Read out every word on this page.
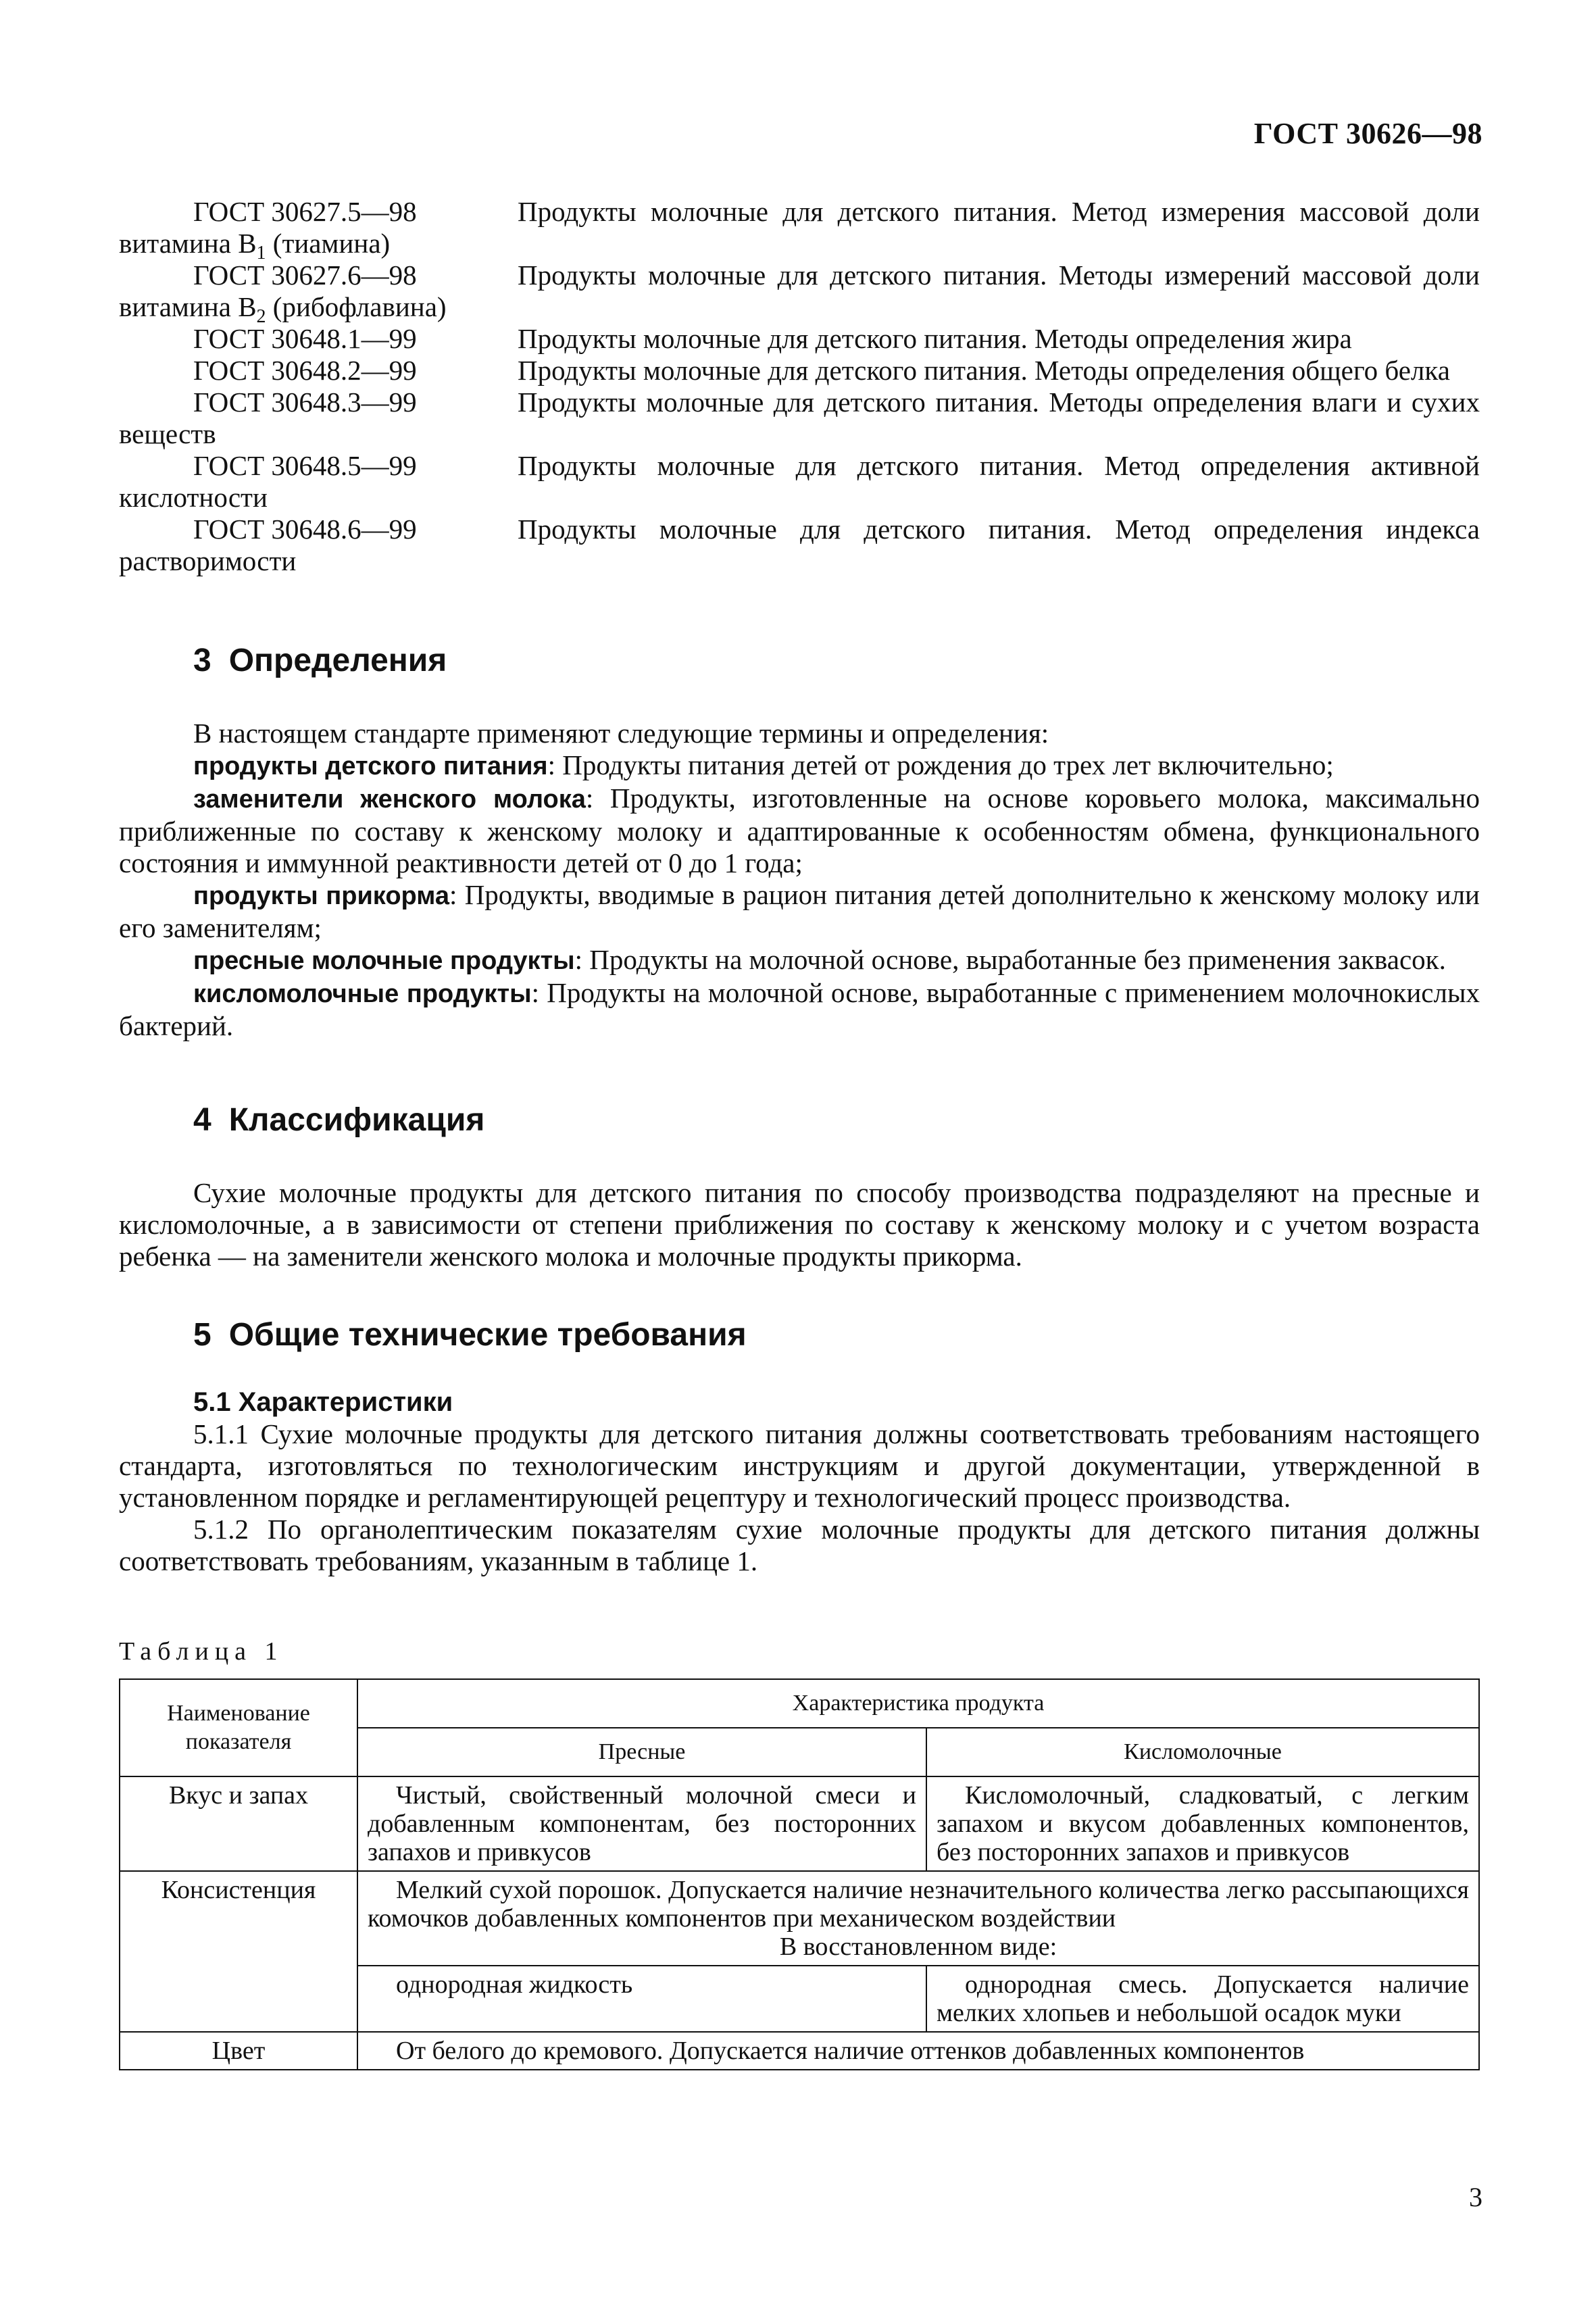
ГОСТ 30626—98

ГОСТ 30627.5—98	Продукты молочные для детского питания. Метод измерения массовой доли витамина $B_1$ (тиамина)

ГОСТ 30627.6—98	Продукты молочные для детского питания. Методы измерений массовой доли витамина $B_2$ (рибофлавина)

ГОСТ 30648.1—99	Продукты молочные для детского питания. Методы определения жира

ГОСТ 30648.2—99	Продукты молочные для детского питания. Методы определения общего белка

ГОСТ 30648.3—99	Продукты молочные для детского питания. Методы определения влаги и сухих веществ

ГОСТ 30648.5—99	Продукты молочные для детского питания. Метод определения активной кислотности

ГОСТ 30648.6—99	Продукты молочные для детского питания. Метод определения индекса растворимости

3 Определения

В настоящем стандарте применяют следующие термины и определения:

продукты детского питания: Продукты питания детей от рождения до трех лет включительно;

заменители женского молока: Продукты, изготовленные на основе коровьего молока, максимально приближенные по составу к женскому молоку и адаптированные к особенностям обмена, функционального состояния и иммунной реактивности детей от 0 до 1 года;

продукты прикорма: Продукты, вводимые в рацион питания детей дополнительно к женскому молоку или его заменителям;

пресные молочные продукты: Продукты на молочной основе, выработанные без применения заквасок.

кисломолочные продукты: Продукты на молочной основе, выработанные с применением молочнокислых бактерий.

4 Классификация

Сухие молочные продукты для детского питания по способу производства подразделяют на пресные и кисломолочные, а в зависимости от степени приближения по составу к женскому молоку и с учетом возраста ребенка — на заменители женского молока и молочные продукты прикорма.

5 Общие технические требования

5.1 Характеристики

5.1.1 Сухие молочные продукты для детского питания должны соответствовать требованиям настоящего стандарта, изготовляться по технологическим инструкциям и другой документации, утвержденной в установленном порядке и регламентирующей рецептуру и технологический процесс производства.

5.1.2 По органолептическим показателям сухие молочные продукты для детского питания должны соответствовать требованиям, указанным в таблице 1.

Таблица 1
Наименование показателя	Характеристика продукта	
	Пресные	Кисломолочные
Вкус и запах	Чистый, свойственный молочной смеси и добавленным компонентам, без посторонних запахов и привкусов	Кисломолочный, сладковатый, с легким запахом и вкусом добавленных компонентов, без посторонних запахов и привкусов
Консистенция	Мелкий сухой порошок. Допускается наличие незначительного количества легко рассыпающихся комочков добавленных компонентов при механическом воздействии
В восстановленном виде:	

	однородная жидкость	однородная смесь. Допускается наличие мелких хлопьев и небольшой осадок муки
Цвет	От белого до кремового. Допускается наличие оттенков добавленных компонентов	
3
